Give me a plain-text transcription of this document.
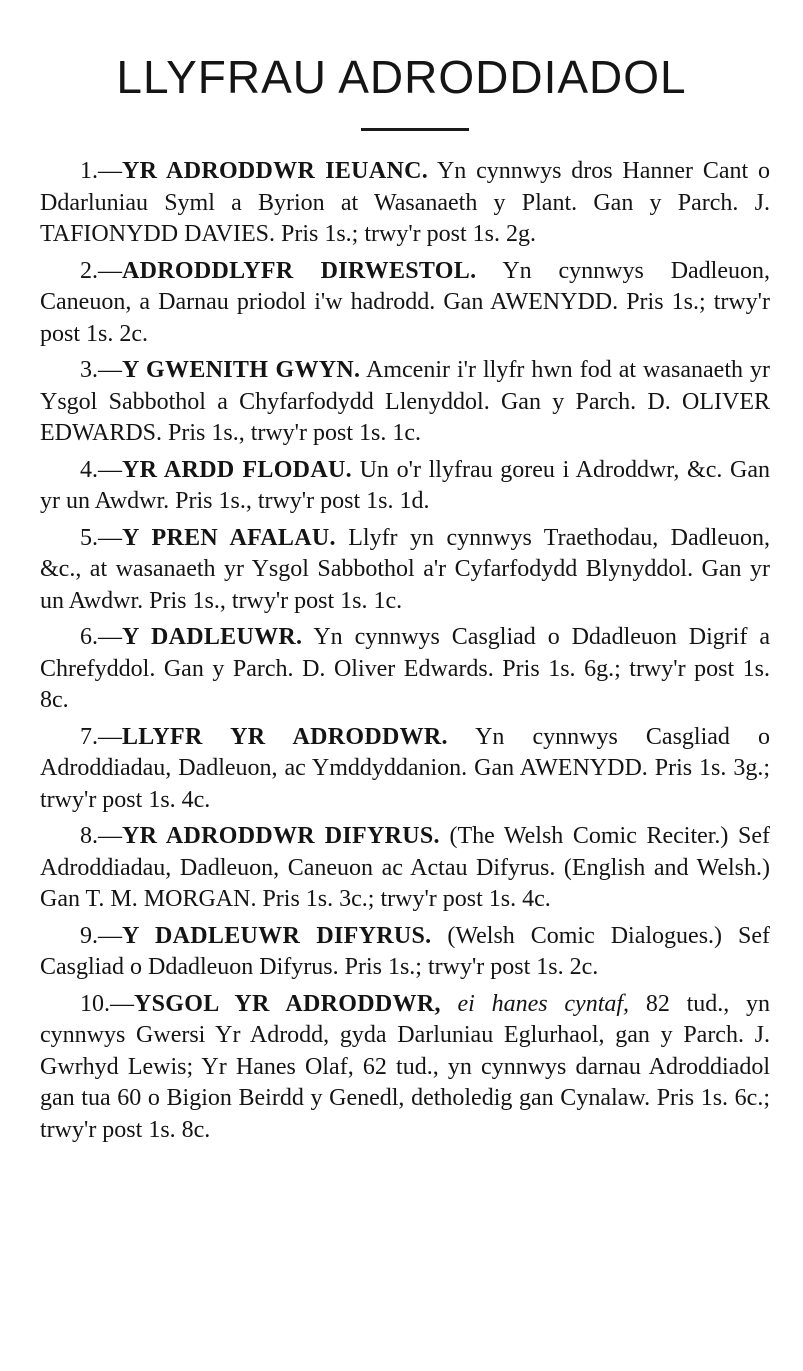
LLYFRAU ADRODDIADOL

1.—YR ADRODDWR IEUANC. Yn cynnwys dros Hanner Cant o Ddarluniau Syml a Byrion at Wasanaeth y Plant. Gan y Parch. J. TAFIONYDD DAVIES. Pris 1s.; trwy'r post 1s. 2g.

2.—ADRODDLYFR DIRWESTOL. Yn cynnwys Dadleuon, Caneuon, a Darnau priodol i'w hadrodd. Gan AWENYDD. Pris 1s.; trwy'r post 1s. 2c.

3.—Y GWENITH GWYN. Amcenir i'r llyfr hwn fod at wasanaeth yr Ysgol Sabbothol a Chyfarfodydd Llenyddol. Gan y Parch. D. OLIVER EDWARDS. Pris 1s., trwy'r post 1s. 1c.

4.—YR ARDD FLODAU. Un o'r llyfrau goreu i Adroddwr, &c. Gan yr un Awdwr. Pris 1s., trwy'r post 1s. 1d.

5.—Y PREN AFALAU. Llyfr yn cynnwys Traethodau, Dadleuon, &c., at wasanaeth yr Ysgol Sabbothol a'r Cyfarfodydd Blynyddol. Gan yr un Awdwr. Pris 1s., trwy'r post 1s. 1c.

6.—Y DADLEUWR. Yn cynnwys Casgliad o Ddadleuon Digrif a Chrefyddol. Gan y Parch. D. Oliver Edwards. Pris 1s. 6g.; trwy'r post 1s. 8c.

7.—LLYFR YR ADRODDWR. Yn cynnwys Casgliad o Adroddiadau, Dadleuon, ac Ymddyddanion. Gan AWENYDD. Pris 1s. 3g.; trwy'r post 1s. 4c.

8.—YR ADRODDWR DIFYRUS. (The Welsh Comic Reciter.) Sef Adroddiadau, Dadleuon, Caneuon ac Actau Difyrus. (English and Welsh.) Gan T. M. MORGAN. Pris 1s. 3c.; trwy'r post 1s. 4c.

9.—Y DADLEUWR DIFYRUS. (Welsh Comic Dialogues.) Sef Casgliad o Ddadleuon Difyrus. Pris 1s.; trwy'r post 1s. 2c.

10.—YSGOL YR ADRODDWR, ei hanes cyntaf, 82 tud., yn cynnwys Gwersi Yr Adrodd, gyda Darluniau Eglurhaol, gan y Parch. J. Gwrhyd Lewis; Yr Hanes Olaf, 62 tud., yn cynnwys darnau Adroddiadol gan tua 60 o Bigion Beirdd y Genedl, detholedig gan Cynalaw. Pris 1s. 6c.; trwy'r post 1s. 8c.
